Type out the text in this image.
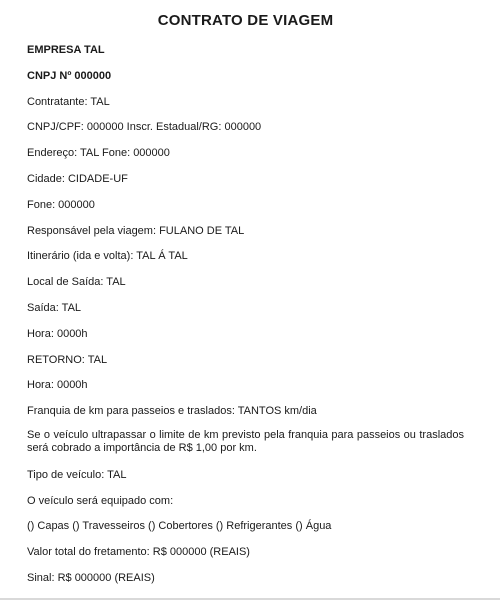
CONTRATO DE VIAGEM
EMPRESA TAL
CNPJ Nº 000000
Contratante: TAL
CNPJ/CPF: 000000 Inscr. Estadual/RG: 000000
Endereço: TAL Fone: 000000
Cidade: CIDADE-UF
Fone: 000000
Responsável pela viagem: FULANO DE TAL
Itinerário (ida e volta): TAL Á TAL
Local de Saída: TAL
Saída: TAL
Hora: 0000h
RETORNO: TAL
Hora: 0000h
Franquia de km para passeios e traslados: TANTOS km/dia
Se o veículo ultrapassar o limite de km previsto pela franquia para passeios ou traslados será cobrado a importância de R$ 1,00 por km.
Tipo de veículo: TAL
O veículo será equipado com:
() Capas () Travesseiros () Cobertores () Refrigerantes () Água
Valor total do fretamento: R$ 000000 (REAIS)
Sinal: R$ 000000 (REAIS)
